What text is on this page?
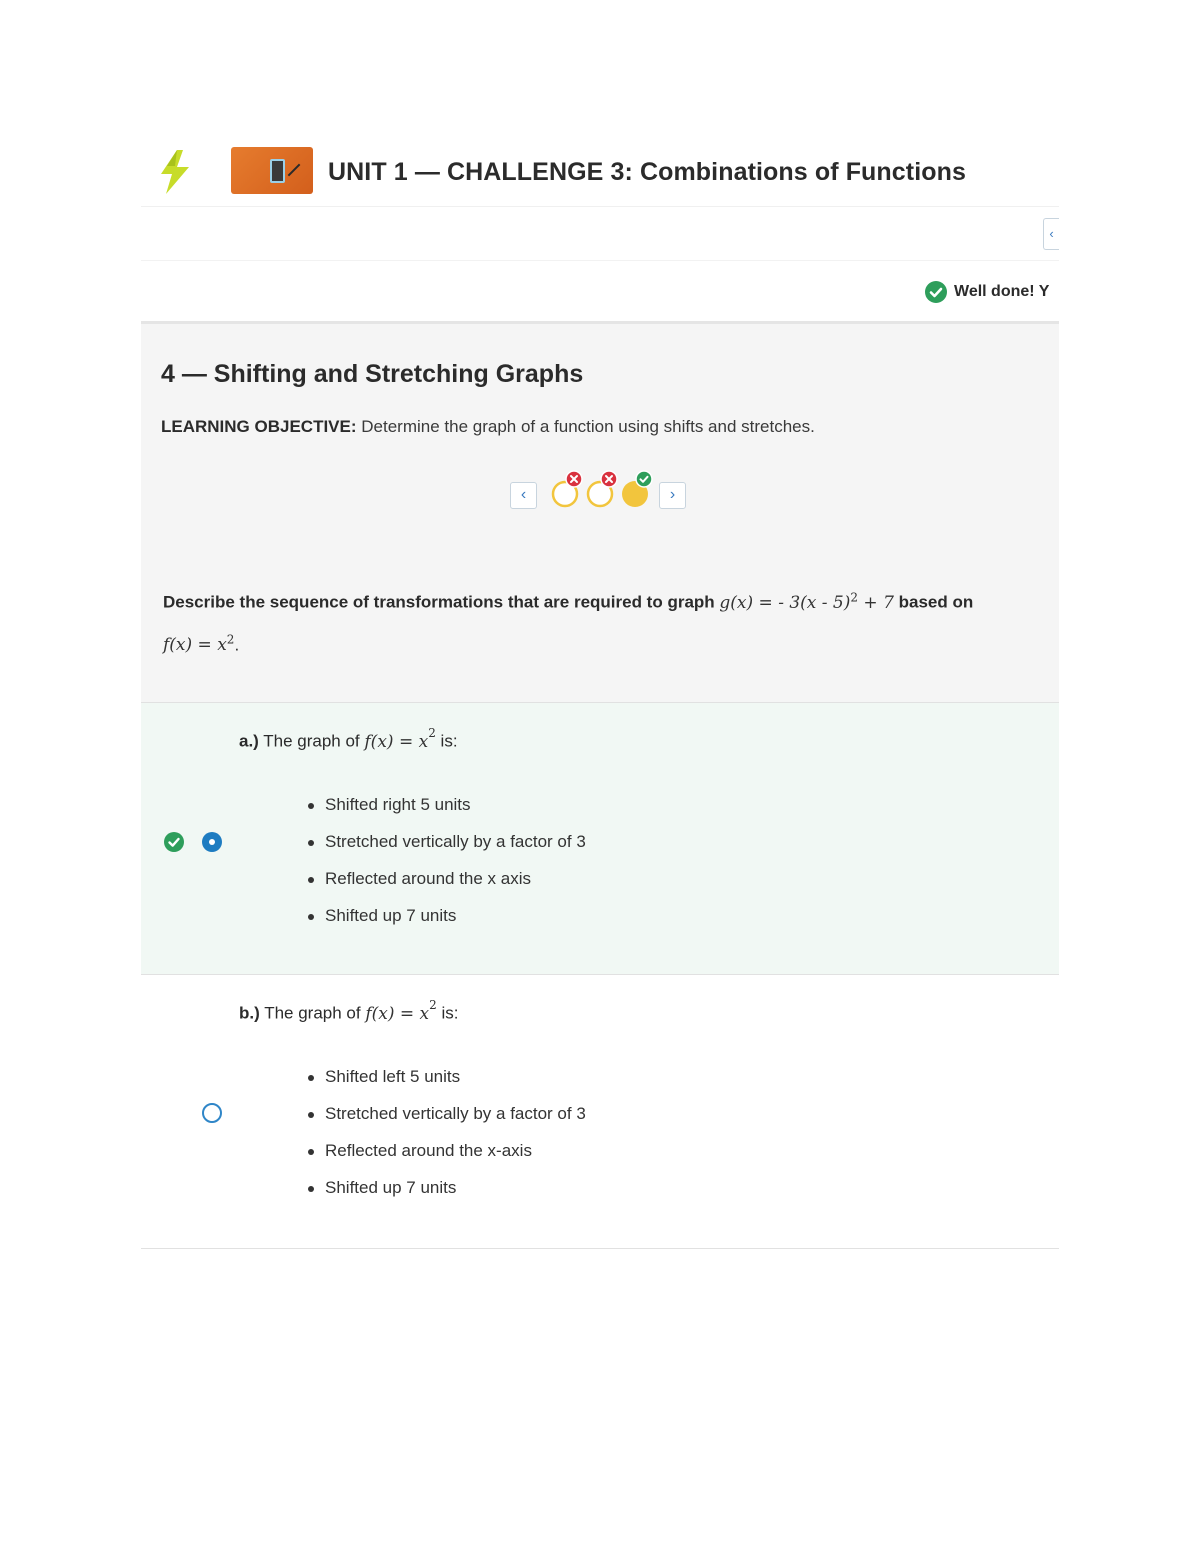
UNIT 1 — CHALLENGE 3: Combinations of Functions
‹
Well done! Y
4 — Shifting and Stretching Graphs
LEARNING OBJECTIVE: Determine the graph of a function using shifts and stretches.
‹	›
Describe the sequence of transformations that are required to graph g(x) = - 3(x - 5)$^2$ + 7 based on
$f(x) = x^2$.
a.) The graph of $f(x) = x^2$ is:
Shifted right 5 units
Stretched vertically by a factor of 3
Reflected around the x axis
Shifted up 7 units
b.) The graph of $f(x) = x^2$ is:
Shifted left 5 units
Stretched vertically by a factor of 3
Reflected around the x-axis
Shifted up 7 units
